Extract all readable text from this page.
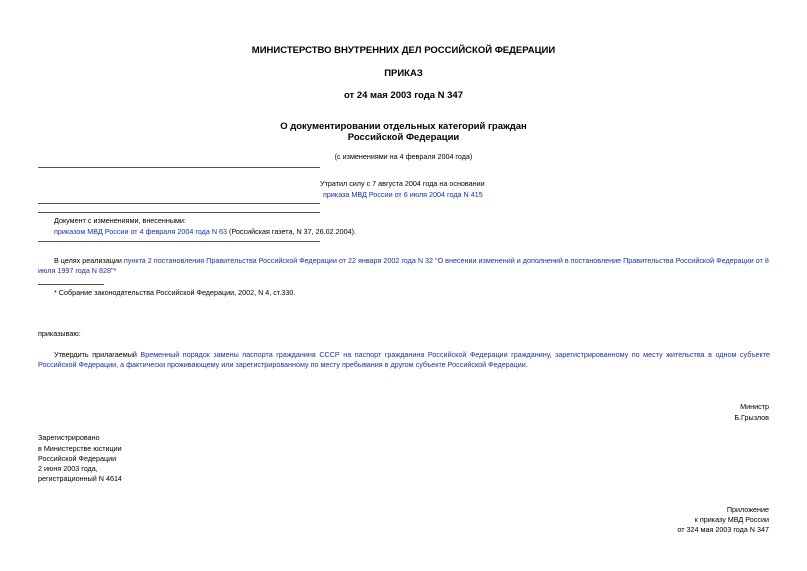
МИНИСТЕРСТВО ВНУТРЕННИХ ДЕЛ РОССИЙСКОЙ ФЕДЕРАЦИИ
ПРИКАЗ
от 24 мая 2003 года N 347
О документировании отдельных категорий граждан
Российской Федерации
(с изменениями на 4 февраля 2004 года)
Утратил силу с 7 августа 2004 года на основании
приказа МВД России от 6 июля 2004 года N 415
Документ с изменениями, внесенными:
приказом МВД России от 4 февраля 2004 года N 63 (Российская газета, N 37, 26.02.2004).
В целях реализации пункта 2 постановления Правительства Российской Федерации от 22 января 2002 года N 32 "О внесении изменений и дополнений в постановление Правительства Российской Федерации от 8 июля 1997 года N 828"*
* Собрание законодательства Российской Федерации, 2002, N 4, ст.330.
приказываю:
Утвердить прилагаемый Временный порядок замены паспорта гражданина СССР на паспорт гражданина Российской Федерации гражданину, зарегистрированному по месту жительства в одном субъекте Российской Федерации, а фактически проживающему или зарегистрированному по месту пребывания в другом субъекте Российской Федерации.
Министр
Б.Грызлов
Зарегистрировано
в Министерстве юстиции
Российской Федерации
2 июня 2003 года,
регистрационный N 4614
Приложение
к приказу МВД России
от 324 мая 2003 года N 347
